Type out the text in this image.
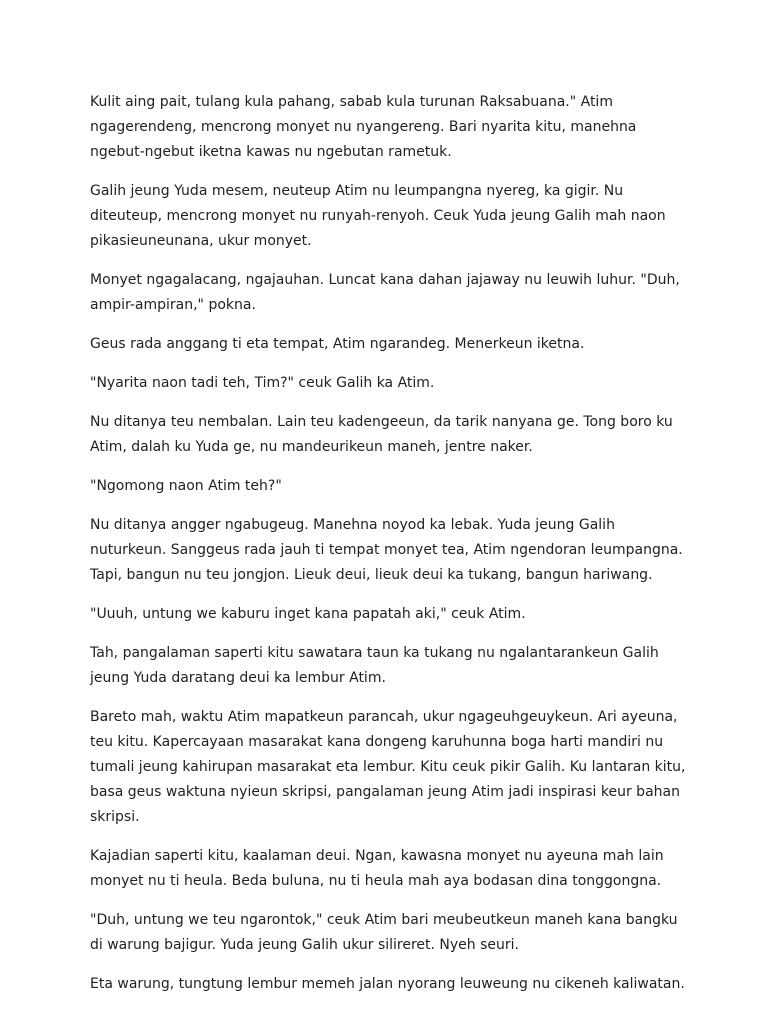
Kulit aing pait, tulang kula pahang, sabab kula turunan Raksabuana." Atim ngagerendeng, mencrong monyet nu nyangereng. Bari nyarita kitu, manehna ngebut-ngebut iketna kawas nu ngebutan rametuk.

Galih jeung Yuda mesem, neuteup Atim nu leumpangna nyereg, ka gigir. Nu diteuteup, mencrong monyet nu runyah-renyoh. Ceuk Yuda jeung Galih mah naon pikasieuneunana, ukur monyet.

Monyet ngagalacang, ngajauhan. Luncat kana dahan jajaway nu leuwih luhur. "Duh, ampir-ampiran," pokna.

Geus rada anggang ti eta tempat, Atim ngarandeg. Menerkeun iketna.

"Nyarita naon tadi teh, Tim?" ceuk Galih ka Atim.

Nu ditanya teu nembalan. Lain teu kadengeeun, da tarik nanyana ge. Tong boro ku Atim, dalah ku Yuda ge, nu mandeurikeun maneh, jentre naker.

"Ngomong naon Atim teh?"

Nu ditanya angger ngabugeug. Manehna noyod ka lebak. Yuda jeung Galih nuturkeun. Sanggeus rada jauh ti tempat monyet tea, Atim ngendoran leumpangna. Tapi, bangun nu teu jongjon. Lieuk deui, lieuk deui ka tukang, bangun hariwang.

"Uuuh, untung we kaburu inget kana papatah aki," ceuk Atim.

Tah, pangalaman saperti kitu sawatara taun ka tukang nu ngalantarankeun Galih jeung Yuda daratang deui ka lembur Atim.

Bareto mah, waktu Atim mapatkeun parancah, ukur ngageuhgeuykeun. Ari ayeuna, teu kitu. Kapercayaan masarakat kana dongeng karuhunna boga harti mandiri nu tumali jeung kahirupan masarakat eta lembur. Kitu ceuk pikir Galih. Ku lantaran kitu, basa geus waktuna nyieun skripsi, pangalaman jeung Atim jadi inspirasi keur bahan skripsi.

Kajadian saperti kitu, kaalaman deui. Ngan, kawasna monyet nu ayeuna mah lain monyet nu ti heula. Beda buluna, nu ti heula mah aya bodasan dina tonggongna.

"Duh, untung we teu ngarontok," ceuk Atim bari meubeutkeun maneh kana bangku di warung bajigur. Yuda jeung Galih ukur silireret. Nyeh seuri.

Eta warung, tungtung lembur memeh jalan nyorang leuweung nu cikeneh kaliwatan.
